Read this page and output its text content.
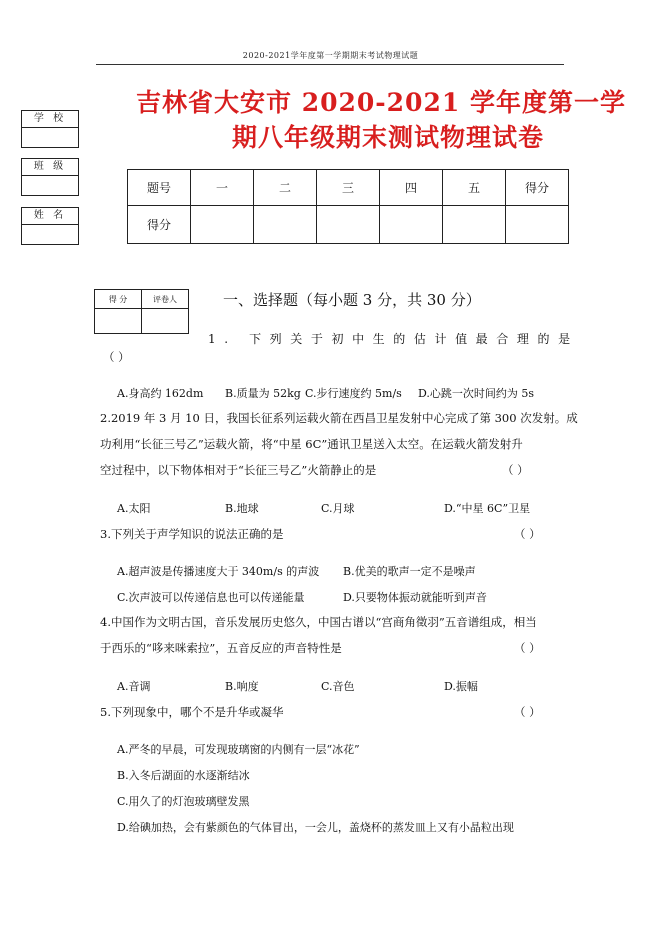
2020-2021学年度第一学期期末考试物理试题
学 校
班 级
姓 名
吉林省大安市 2020-2021 学年度第一学
期八年级期末测试物理试卷
题号	一	二	三	四	五	得分
得分						
得 分	评卷人
		一、选择题（每小题 3 分，共 30 分）
1. 下列关于初中生的估计值最合理的是
（ ）
A.身高约 162dm B.质量为 52kg C.步行速度约 5m/s D.心跳一次时间约为 5s
2.2019 年 3 月 10 日，我国长征系列运载火箭在西昌卫星发射中心完成了第 300 次发射。成
功利用“长征三号乙”运载火箭，将“中星 6C”通讯卫星送入太空。在运载火箭发射升
空过程中，以下物体相对于“长征三号乙”火箭静止的是	（ ）
A.太阳	B.地球	C.月球	D.“中星 6C”卫星
3.下列关于声学知识的说法正确的是	（ ）
A.超声波是传播速度大于 340m/s 的声波 B.优美的歌声一定不是噪声
C.次声波可以传递信息也可以传递能量	D.只要物体振动就能听到声音
4.中国作为文明古国，音乐发展历史悠久，中国古谱以“宫商角徵羽”五音谱组成，相当
于西乐的“哆来咪索拉”，五音反应的声音特性是	（ ）
A.音调	B.响度	C.音色	D.振幅
5.下列现象中，哪个不是升华或凝华	（ ）
A.严冬的早晨，可发现玻璃窗的内侧有一层“冰花”
B.入冬后湖面的水逐渐结冰
C.用久了的灯泡玻璃壁发黑
D.给碘加热，会有紫颜色的气体冒出，一会儿，盖烧杯的蒸发皿上又有小晶粒出现
